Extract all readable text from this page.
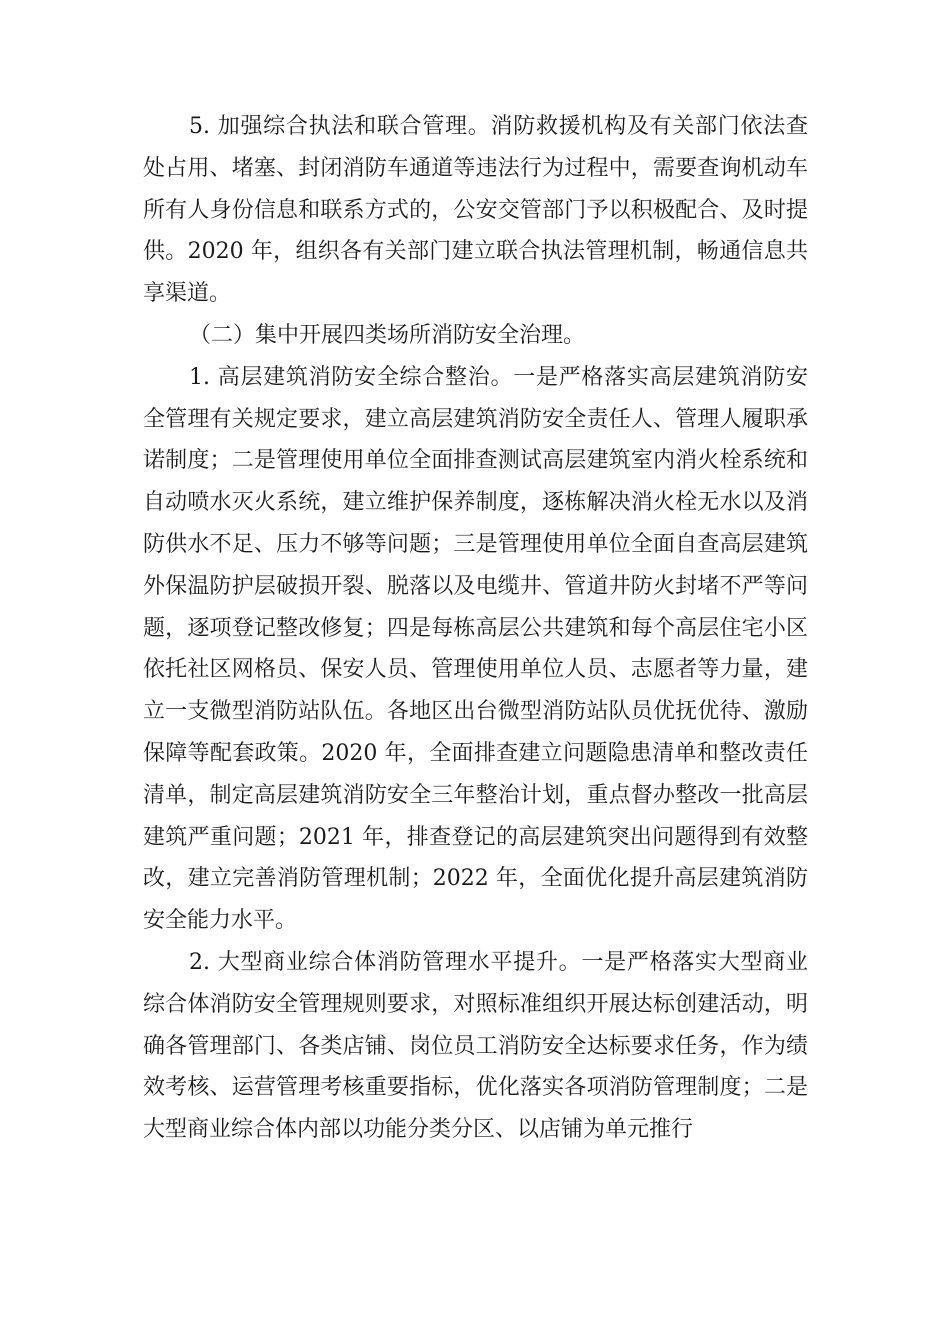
5. 加强综合执法和联合管理。消防救援机构及有关部门依法查处占用、堵塞、封闭消防车通道等违法行为过程中，需要查询机动车所有人身份信息和联系方式的，公安交管部门予以积极配合、及时提供。2020 年，组织各有关部门建立联合执法管理机制，畅通信息共享渠道。

（二）集中开展四类场所消防安全治理。

1. 高层建筑消防安全综合整治。一是严格落实高层建筑消防安全管理有关规定要求，建立高层建筑消防安全责任人、管理人履职承诺制度；二是管理使用单位全面排查测试高层建筑室内消火栓系统和自动喷水灭火系统，建立维护保养制度，逐栋解决消火栓无水以及消防供水不足、压力不够等问题；三是管理使用单位全面自查高层建筑外保温防护层破损开裂、脱落以及电缆井、管道井防火封堵不严等问题，逐项登记整改修复；四是每栋高层公共建筑和每个高层住宅小区依托社区网格员、保安人员、管理使用单位人员、志愿者等力量，建立一支微型消防站队伍。各地区出台微型消防站队员优抚优待、激励保障等配套政策。2020 年，全面排查建立问题隐患清单和整改责任清单，制定高层建筑消防安全三年整治计划，重点督办整改一批高层建筑严重问题；2021 年，排查登记的高层建筑突出问题得到有效整改，建立完善消防管理机制；2022 年，全面优化提升高层建筑消防安全能力水平。

2. 大型商业综合体消防管理水平提升。一是严格落实大型商业综合体消防安全管理规则要求，对照标准组织开展达标创建活动，明确各管理部门、各类店铺、岗位员工消防安全达标要求任务，作为绩效考核、运营管理考核重要指标，优化落实各项消防管理制度；二是大型商业综合体内部以功能分类分区、以店铺为单元推行
